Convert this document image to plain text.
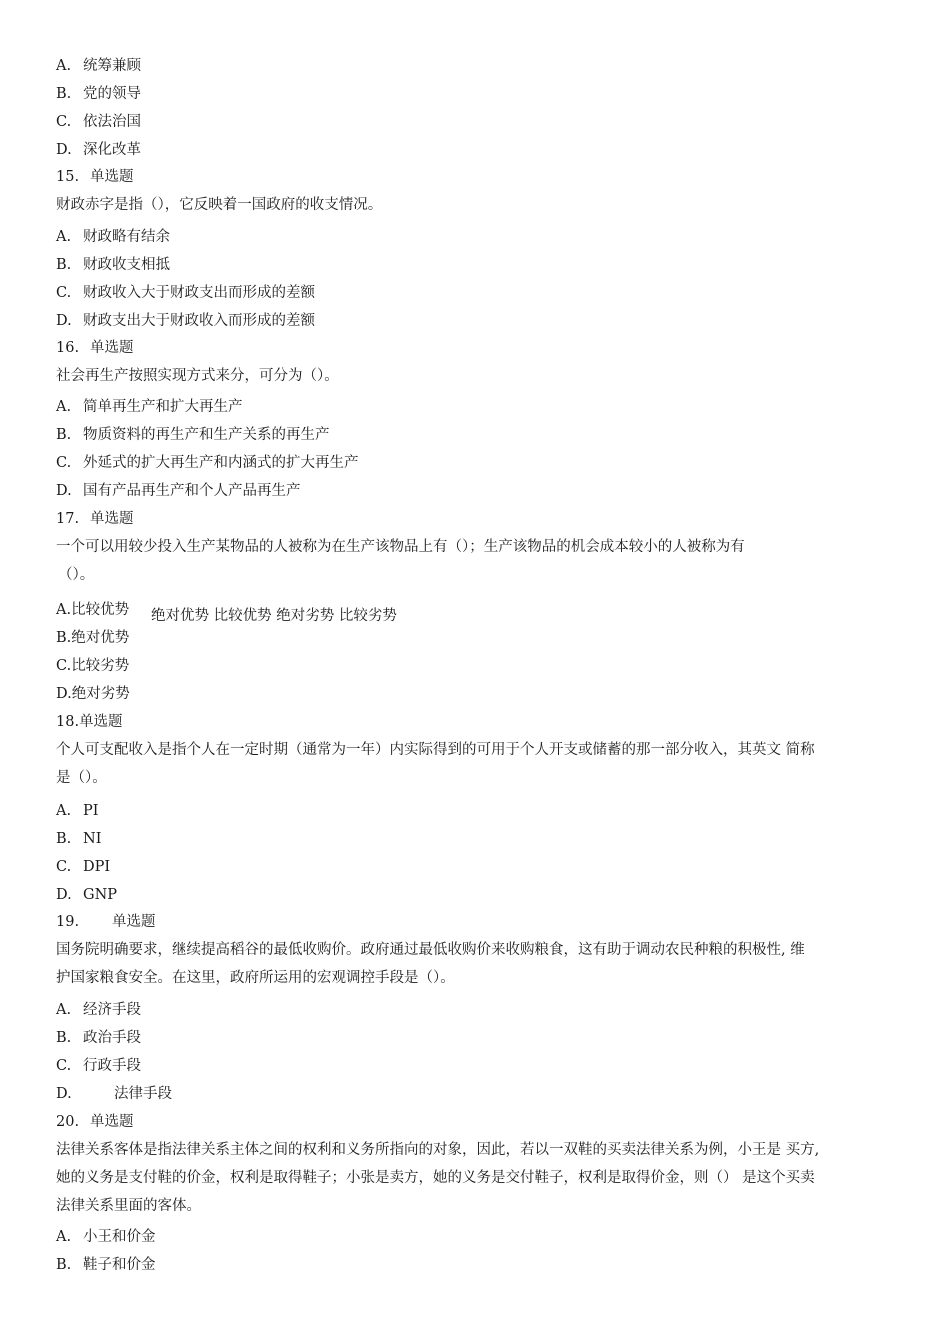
A. 统筹兼顾
B. 党的领导
C. 依法治国
D. 深化改革
15. 单选题
财政赤字是指（），它反映着一国政府的收支情况。
A. 财政略有结余
B. 财政收支相抵
C. 财政收入大于财政支出而形成的差额
D. 财政支出大于财政收入而形成的差额
16. 单选题
社会再生产按照实现方式来分，可分为（）。
A. 简单再生产和扩大再生产
B. 物质资料的再生产和生产关系的再生产
C. 外延式的扩大再生产和内涵式的扩大再生产
D. 国有产品再生产和个人产品再生产
17. 单选题
一个可以用较少投入生产某物品的人被称为在生产该物品上有（）；生产该物品的机会成本较小的人被称为有
（）。
A.比较优势 绝对优势 比较优势 绝对劣势 比较劣势
B.绝对优势
C.比较劣势
D.绝对劣势
18.单选题
个人可支配收入是指个人在一定时期（通常为一年）内实际得到的可用于个人开支或储蓄的那一部分收入，其英文 简称
是（）。
A. PI
B. NI
C. DPI
D. GNP
19. 单选题
国务院明确要求，继续提高稻谷的最低收购价。政府通过最低收购价来收购粮食，这有助于调动农民种粮的积极性, 维
护国家粮食安全。在这里，政府所运用的宏观调控手段是（）。
A. 经济手段
B. 政治手段
C. 行政手段
D.	法律手段
20. 单选题
法律关系客体是指法律关系主体之间的权利和义务所指向的对象，因此，若以一双鞋的买卖法律关系为例，小王是 买方,
她的义务是支付鞋的价金，权利是取得鞋子；小张是卖方，她的义务是交付鞋子，权利是取得价金，则（） 是这个买卖
法律关系里面的客体。
A. 小王和价金
B. 鞋子和价金
